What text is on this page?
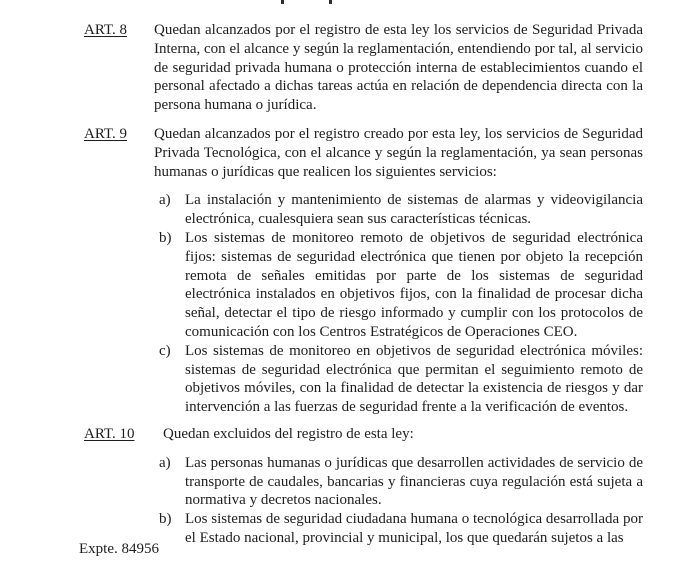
ART. 8	Quedan alcanzados por el registro de esta ley los servicios de Seguridad Privada Interna, con el alcance y según la reglamentación, entendiendo por tal, al servicio de seguridad privada humana o protección interna de establecimientos cuando el personal afectado a dichas tareas actúa en relación de dependencia directa con la persona humana o jurídica.

ART. 9	Quedan alcanzados por el registro creado por esta ley, los servicios de Seguridad Privada Tecnológica, con el alcance y según la reglamentación, ya sean personas humanas o jurídicas que realicen los siguientes servicios:

a) La instalación y mantenimiento de sistemas de alarmas y videovigilancia electrónica, cualesquiera sean sus características técnicas.

b) Los sistemas de monitoreo remoto de objetivos de seguridad electrónica fijos: sistemas de seguridad electrónica que tienen por objeto la recepción remota de señales emitidas por parte de los sistemas de seguridad electrónica instalados en objetivos fijos, con la finalidad de procesar dicha señal, detectar el tipo de riesgo informado y cumplir con los protocolos de comunicación con los Centros Estratégicos de Operaciones CEO.

c) Los sistemas de monitoreo en objetivos de seguridad electrónica móviles: sistemas de seguridad electrónica que permitan el seguimiento remoto de objetivos móviles, con la finalidad de detectar la existencia de riesgos y dar intervención a las fuerzas de seguridad frente a la verificación de eventos.

ART. 10	Quedan excluidos del registro de esta ley:

a) Las personas humanas o jurídicas que desarrollen actividades de servicio de transporte de caudales, bancarias y financieras cuya regulación está sujeta a normativa y decretos nacionales.

b) Los sistemas de seguridad ciudadana humana o tecnológica desarrollada por el Estado nacional, provincial y municipal, los que quedarán sujetos a las

Expte. 84956
